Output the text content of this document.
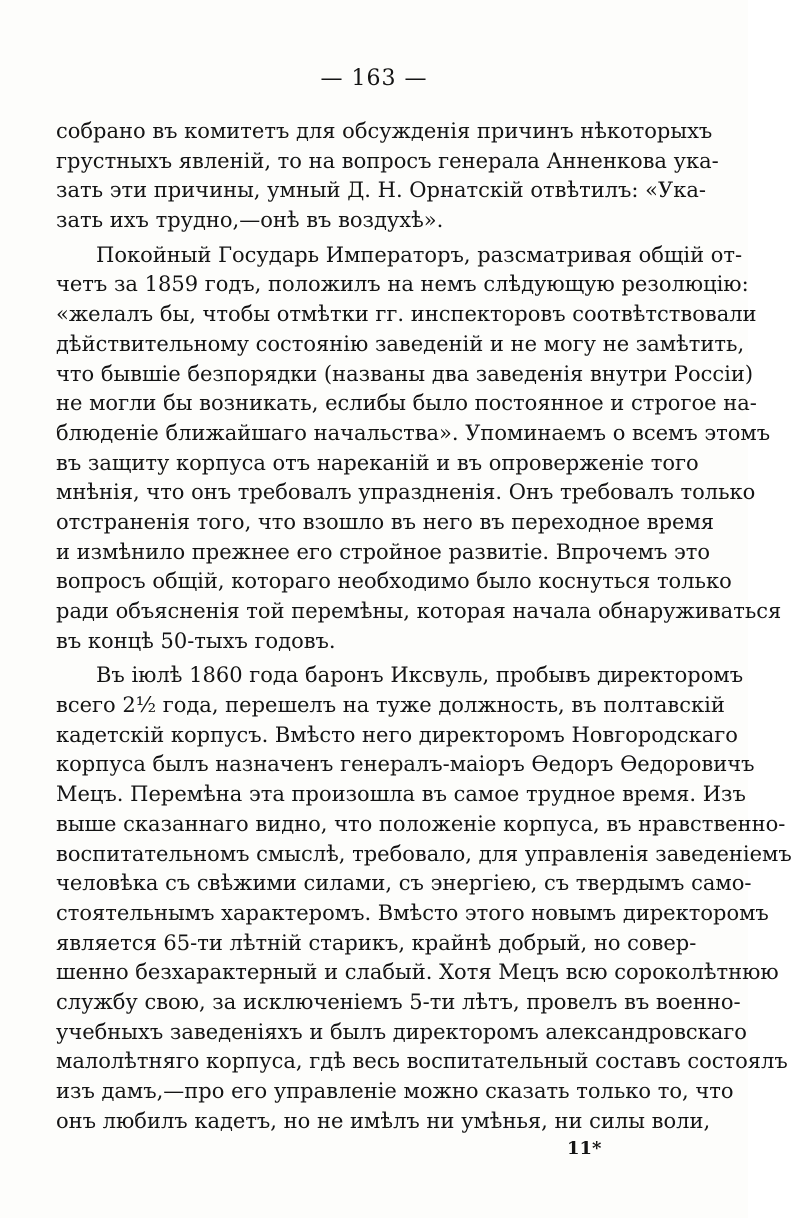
— 163 —
собрано въ комитетъ для обсужденія причинъ нѣкоторыхъ
грустныхъ явленій, то на вопросъ генерала Анненкова ука-
зать эти причины, умный Д. Н. Орнатскій отвѣтилъ: «Ука-
зать ихъ трудно,—онѣ въ воздухѣ».
Покойный Государь Императоръ, разсматривая общій от-
четъ за 1859 годъ, положилъ на немъ слѣдующую резолюцію:
«желалъ бы, чтобы отмѣтки гг. инспекторовъ соотвѣтствовали
дѣйствительному состоянію заведеній и не могу не замѣтить,
что бывшіе безпорядки (названы два заведенія внутри Россіи)
не могли бы возникать, еслибы было постоянное и строгое на-
блюденіе ближайшаго начальства». Упоминаемъ о всемъ этомъ
въ защиту корпуса отъ нареканій и въ опроверженіе того
мнѣнія, что онъ требовалъ упраздненія. Онъ требовалъ только
отстраненія того, что взошло въ него въ переходное время
и измѣнило прежнее его стройное развитіе. Впрочемъ это
вопросъ общій, котораго необходимо было коснуться только
ради объясненія той перемѣны, которая начала обнаруживаться
въ концѣ 50-тыхъ годовъ.
Въ іюлѣ 1860 года баронъ Иксвуль, пробывъ директоромъ
всего 2½ года, перешелъ на туже должность, въ полтавскій
кадетскій корпусъ. Вмѣсто него директоромъ Новгородскаго
корпуса былъ назначенъ генералъ-маіоръ Ѳедоръ Ѳедоровичъ
Мецъ. Перемѣна эта произошла въ самое трудное время. Изъ
выше сказаннаго видно, что положеніе корпуса, въ нравственно-
воспитательномъ смыслѣ, требовало, для управленія заведеніемъ
человѣка съ свѣжими силами, съ энергіею, съ твердымъ само-
стоятельнымъ характеромъ. Вмѣсто этого новымъ директоромъ
является 65-ти лѣтній старикъ, крайнѣ добрый, но совер-
шенно безхарактерный и слабый. Хотя Мецъ всю сороколѣтнюю
службу свою, за исключеніемъ 5-ти лѣтъ, провелъ въ военно-
учебныхъ заведеніяхъ и былъ директоромъ александровскаго
малолѣтняго корпуса, гдѣ весь воспитательный составъ состоялъ
изъ дамъ,—про его управленіе можно сказать только то, что
онъ любилъ кадетъ, но не имѣлъ ни умѣнья, ни силы воли,
11*
